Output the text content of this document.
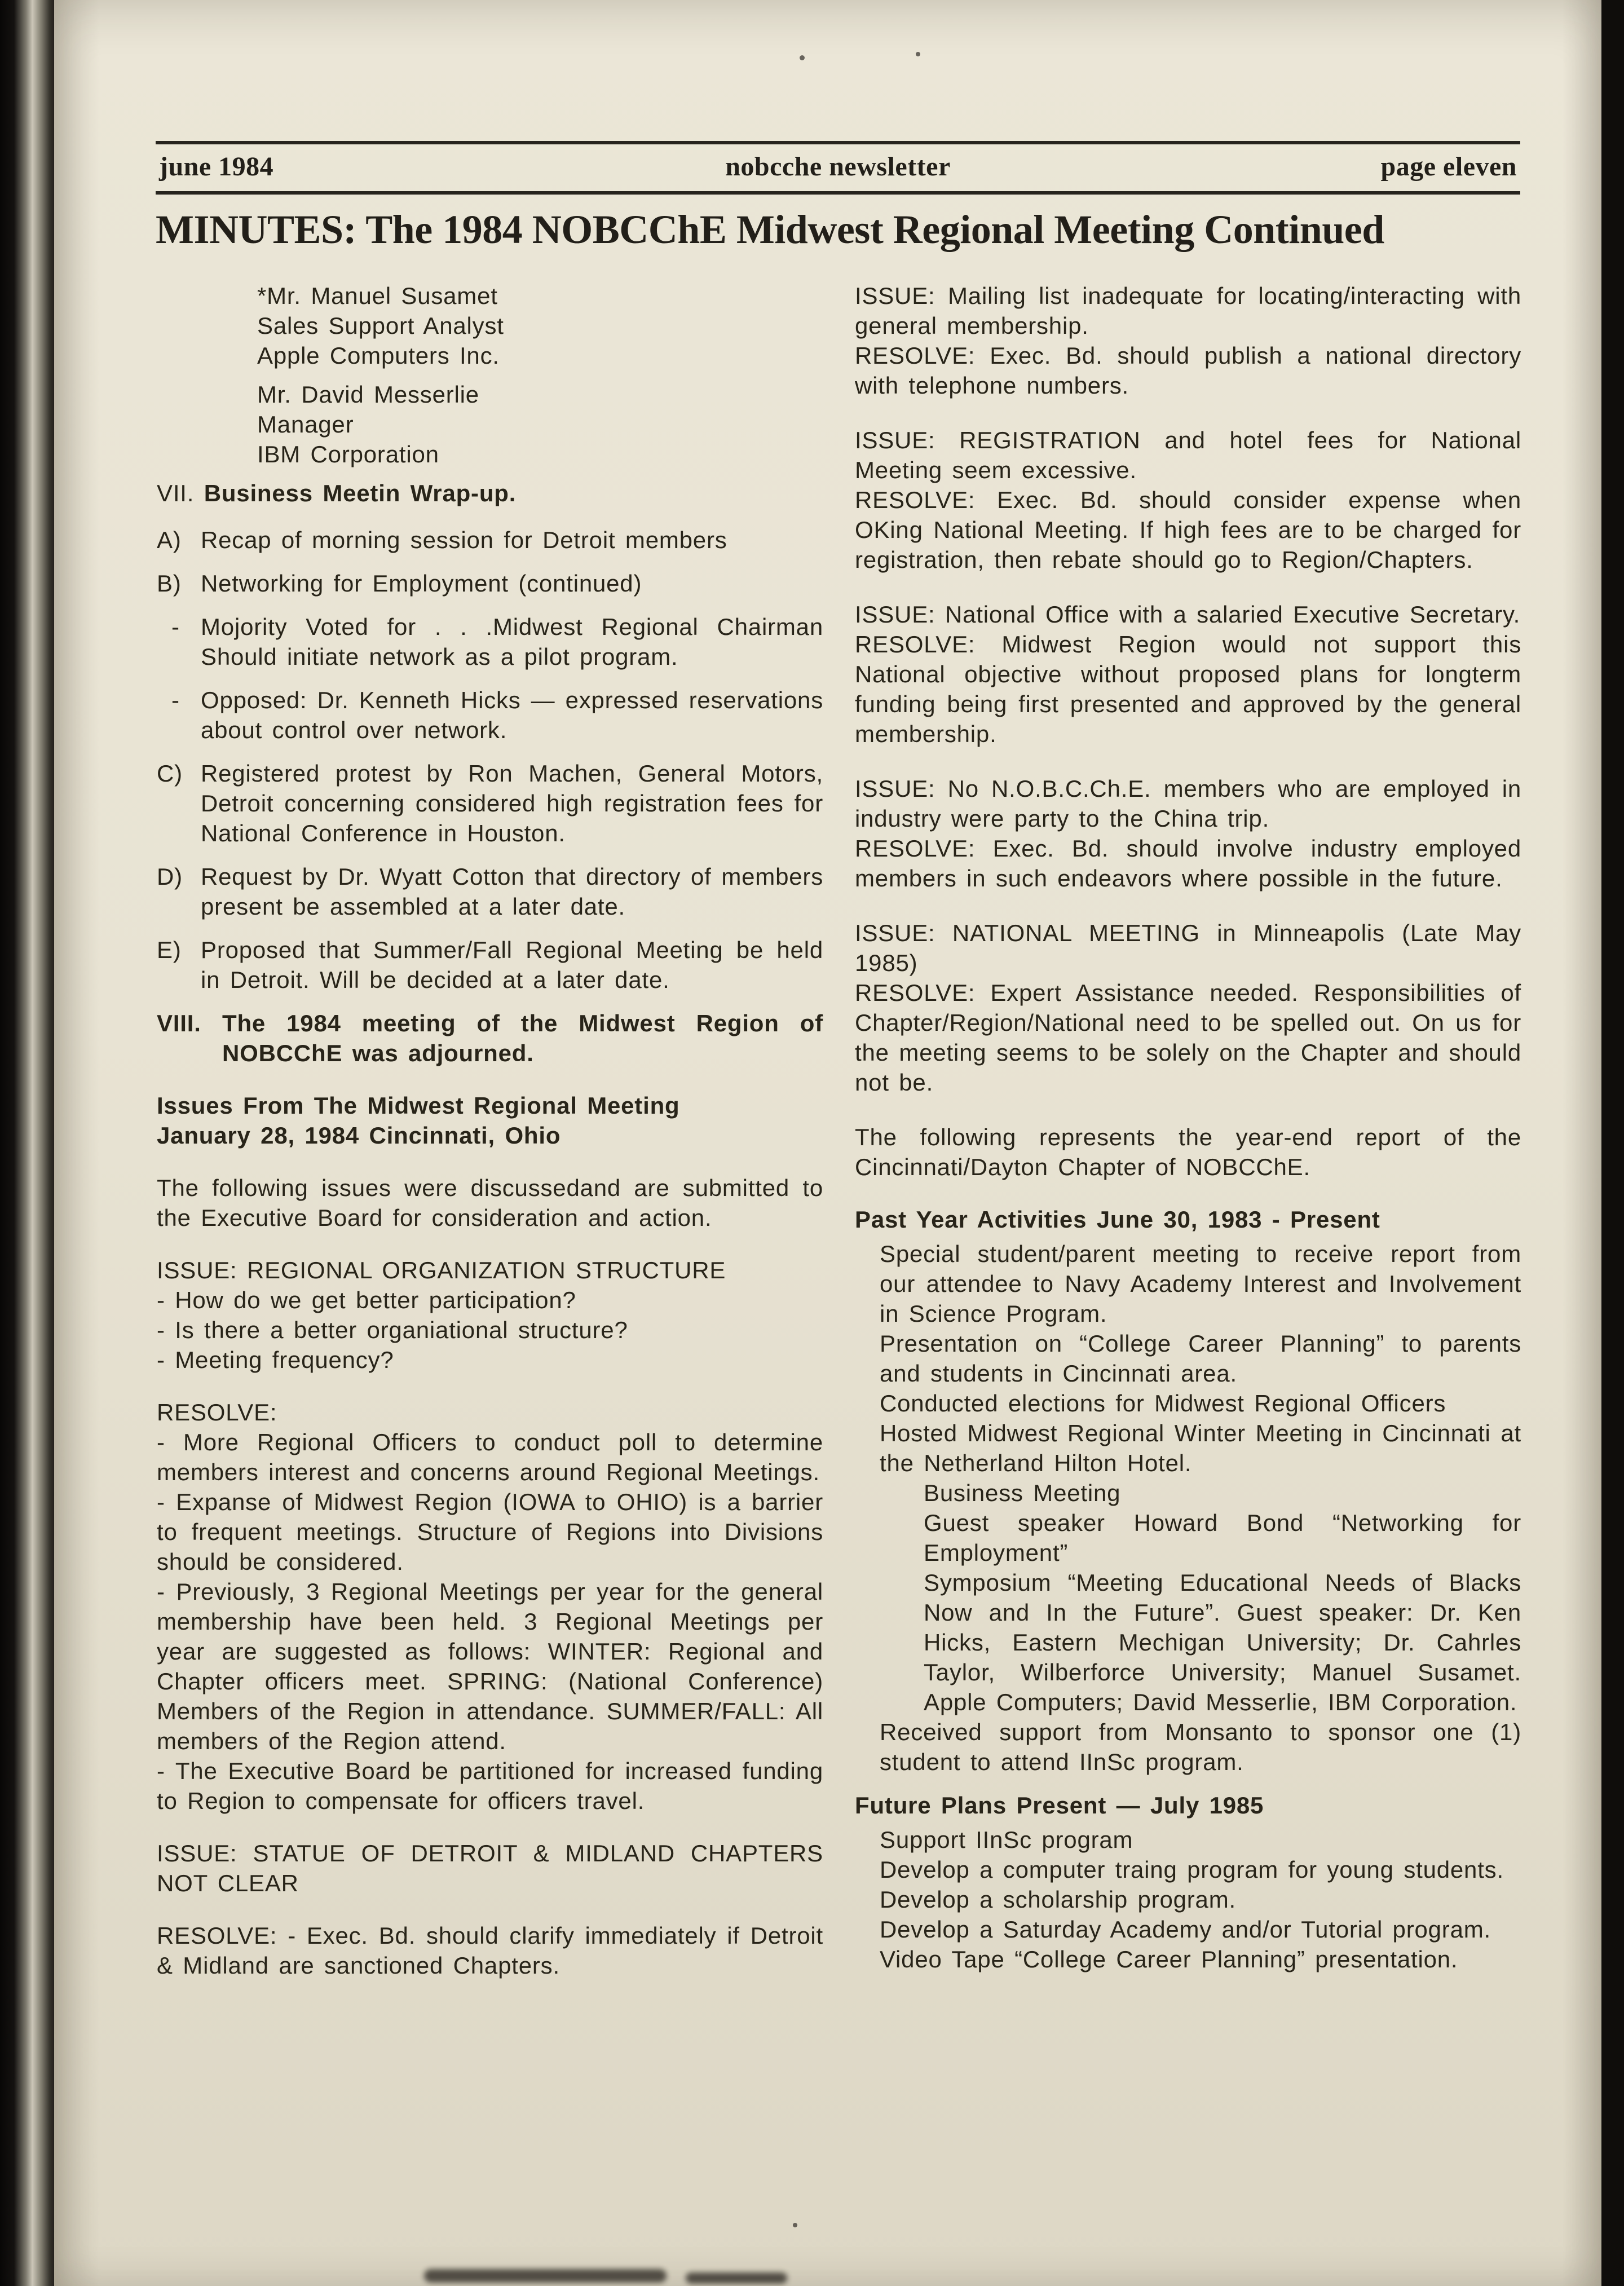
june 1984	nobcche newsletter	page eleven
MINUTES: The 1984 NOBCChE Midwest Regional Meeting Continued
*Mr. Manuel Susamet
Sales Support Analyst
Apple Computers Inc.
Mr. David Messerlie
Manager
IBM Corporation

VII. Business Meetin Wrap-up.

A) Recap of morning session for Detroit members

B) Networking for Employment (continued)

- Mojority Voted for . . .Midwest Regional Chairman Should initiate network as a pilot program.

- Opposed: Dr. Kenneth Hicks — expressed reservations about control over network.

C) Registered protest by Ron Machen, General Motors, Detroit concerning considered high registration fees for National Conference in Houston.

D) Request by Dr. Wyatt Cotton that directory of members present be assembled at a later date.

E) Proposed that Summer/Fall Regional Meeting be held in Detroit. Will be decided at a later date.

VIII. The 1984 meeting of the Midwest Region of NOBCChE was adjourned.

Issues From The Midwest Regional Meeting
January 28, 1984 Cincinnati, Ohio

The following issues were discussedand are submitted to the Executive Board for consideration and action.

ISSUE: REGIONAL ORGANIZATION STRUCTURE

- How do we get better participation?

- Is there a better organiational structure?

- Meeting frequency?

RESOLVE:

- More Regional Officers to conduct poll to determine members interest and concerns around Regional Meetings.

- Expanse of Midwest Region (IOWA to OHIO) is a barrier to frequent meetings. Structure of Regions into Divisions should be considered.

- Previously, 3 Regional Meetings per year for the general membership have been held. 3 Regional Meetings per year are suggested as follows: WINTER: Regional and Chapter officers meet. SPRING: (National Conference) Members of the Region in attendance. SUMMER/FALL: All members of the Region attend.

- The Executive Board be partitioned for increased funding to Region to compensate for officers travel.

ISSUE: STATUE OF DETROIT & MIDLAND CHAPTERS NOT CLEAR

RESOLVE: - Exec. Bd. should clarify immediately if Detroit & Midland are sanctioned Chapters.

ISSUE: Mailing list inadequate for locating/interacting with general membership.

RESOLVE: Exec. Bd. should publish a national directory with telephone numbers.

ISSUE: REGISTRATION and hotel fees for National Meeting seem excessive.

RESOLVE: Exec. Bd. should consider expense when OKing National Meeting. If high fees are to be charged for registration, then rebate should go to Region/Chapters.

ISSUE: National Office with a salaried Executive Secretary.

RESOLVE: Midwest Region would not support this National objective without proposed plans for longterm funding being first presented and approved by the general membership.

ISSUE: No N.O.B.C.Ch.E. members who are employed in industry were party to the China trip.

RESOLVE: Exec. Bd. should involve industry employed members in such endeavors where possible in the future.

ISSUE: NATIONAL MEETING in Minneapolis (Late May 1985)

RESOLVE: Expert Assistance needed. Responsibilities of Chapter/Region/National need to be spelled out. On us for the meeting seems to be solely on the Chapter and should not be.

The following represents the year-end report of the Cincinnati/Dayton Chapter of NOBCChE.

Past Year Activities June 30, 1983 - Present

Special student/parent meeting to receive report from our attendee to Navy Academy Interest and Involvement in Science Program.

Presentation on “College Career Planning” to parents and students in Cincinnati area.

Conducted elections for Midwest Regional Officers

Hosted Midwest Regional Winter Meeting in Cincinnati at the Netherland Hilton Hotel.

Business Meeting

Guest speaker Howard Bond “Networking for Employment”

Symposium “Meeting Educational Needs of Blacks Now and In the Future”. Guest speaker: Dr. Ken Hicks, Eastern Mechigan University; Dr. Cahrles Taylor, Wilberforce University; Manuel Susamet. Apple Computers; David Messerlie, IBM Corporation.

Received support from Monsanto to sponsor one (1) student to attend IInSc program.

Future Plans Present — July 1985

Support IInSc program

Develop a computer traing program for young students.

Develop a scholarship program.

Develop a Saturday Academy and/or Tutorial program.

Video Tape “College Career Planning” presentation.
